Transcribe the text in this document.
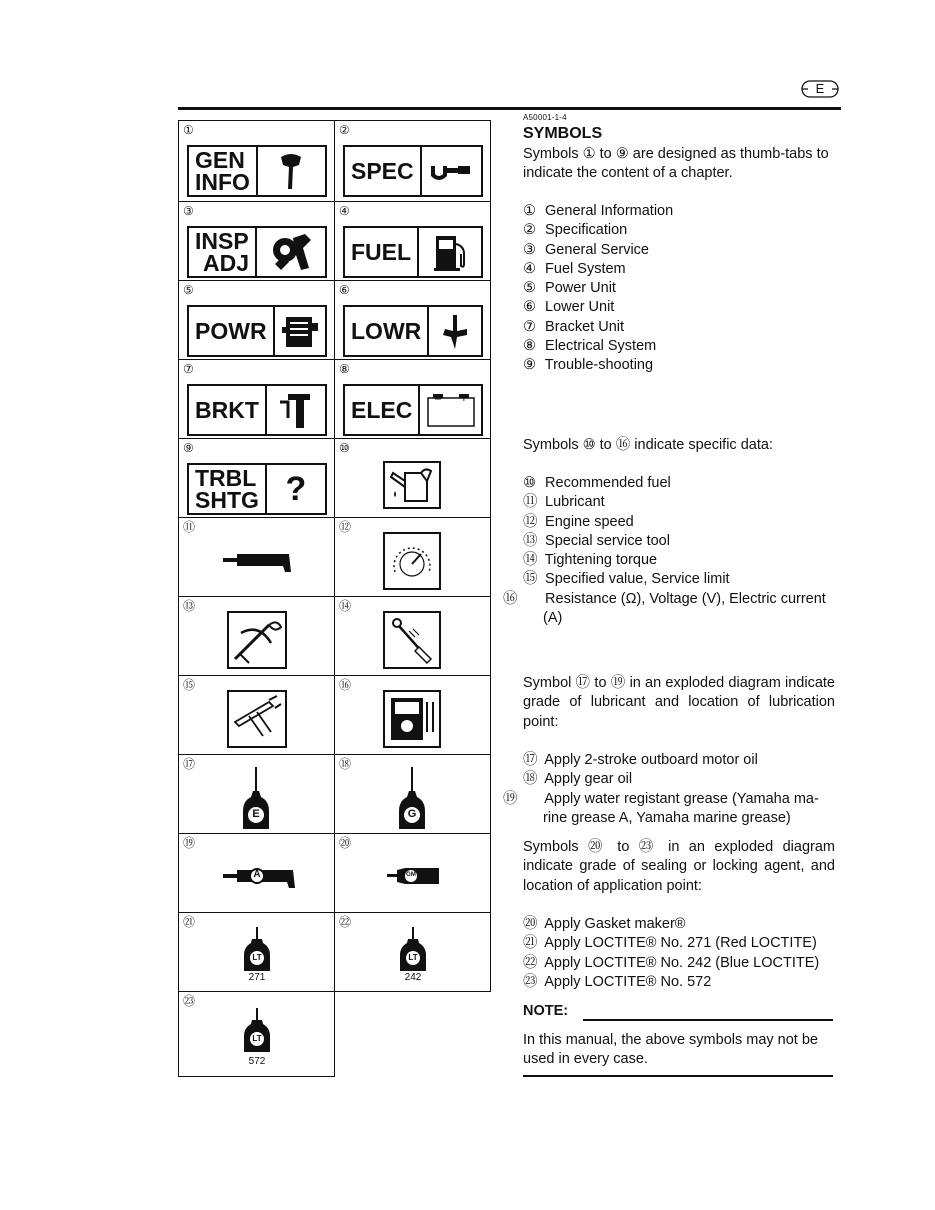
E
A50001-1-4
①
GEN
INFO
②
SPEC
③
INSP
ADJ
④
FUEL
⑤
POWR
⑥
LOWR
⑦
BRKT
⑧
ELEC − +
⑨
TRBL
SHTG ?
⑩
⑪	⑫
⑬	⑭
⑮	⑯
⑰
E
⑱
G
⑲
A
⑳
GM
㉑
LT
271
㉒
LT
242
㉓
LT
572
SYMBOLS
Symbols ① to ⑨ are designed as thumb-tabs to indicate the content of a chapter.
① General Information
② Specification
③ General Service
④ Fuel System
⑤ Power Unit
⑥ Lower Unit
⑦ Bracket Unit
⑧ Electrical System
⑨ Trouble-shooting
Symbols ⑩ to ⑯ indicate specific data:
⑩ Recommended fuel
⑪ Lubricant
⑫ Engine speed
⑬ Special service tool
⑭ Tightening torque
⑮ Specified value, Service limit
⑯ Resistance (Ω), Voltage (V), Electric current (A)
Symbol ⑰ to ⑲ in an exploded diagram indicate grade of lubricant and location of lubrication point:
⑰ Apply 2-stroke outboard motor oil
⑱ Apply gear oil
⑲ Apply water registant grease (Yamaha ma-rine grease A, Yamaha marine grease)
Symbols ⑳ to ㉓ in an exploded diagram indicate grade of sealing or locking agent, and location of application point:
⑳ Apply Gasket maker®
㉑ Apply LOCTITE® No. 271 (Red LOCTITE)
㉒ Apply LOCTITE® No. 242 (Blue LOCTITE)
㉓ Apply LOCTITE® No. 572
NOTE:
In this manual, the above symbols may not be used in every case.
